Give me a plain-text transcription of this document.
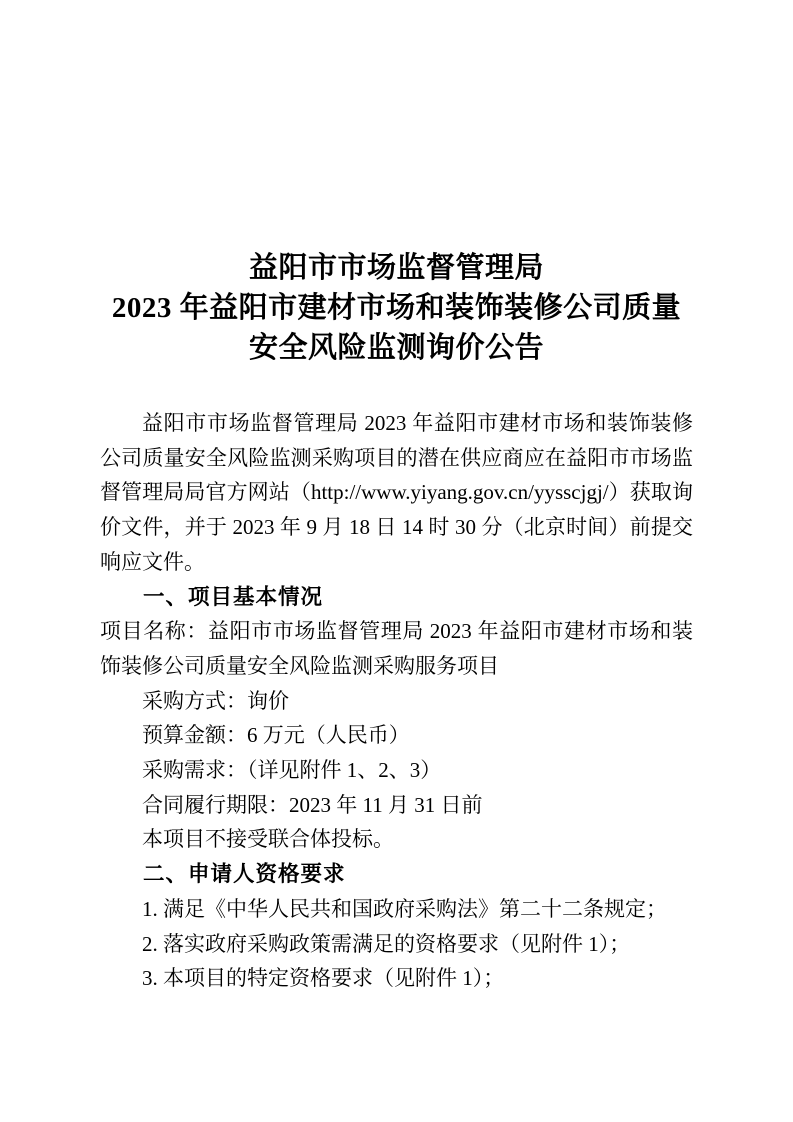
益阳市市场监督管理局
2023 年益阳市建材市场和装饰装修公司质量
安全风险监测询价公告

益阳市市场监督管理局 2023 年益阳市建材市场和装饰装修公司质量安全风险监测采购项目的潜在供应商应在益阳市市场监督管理局局官方网站（http://www.yiyang.gov.cn/yysscjgj/）获取询价文件，并于 2023 年 9 月 18 日 14 时 30 分（北京时间）前提交响应文件。

一、项目基本情况

项目名称：益阳市市场监督管理局 2023 年益阳市建材市场和装饰装修公司质量安全风险监测采购服务项目

采购方式：询价

预算金额：6 万元（人民币）

采购需求：（详见附件 1、2、3）

合同履行期限：2023 年 11 月 31 日前

本项目不接受联合体投标。

二、申请人资格要求

1. 满足《中华人民共和国政府采购法》第二十二条规定；

2. 落实政府采购政策需满足的资格要求（见附件 1）；

3. 本项目的特定资格要求（见附件 1）；
